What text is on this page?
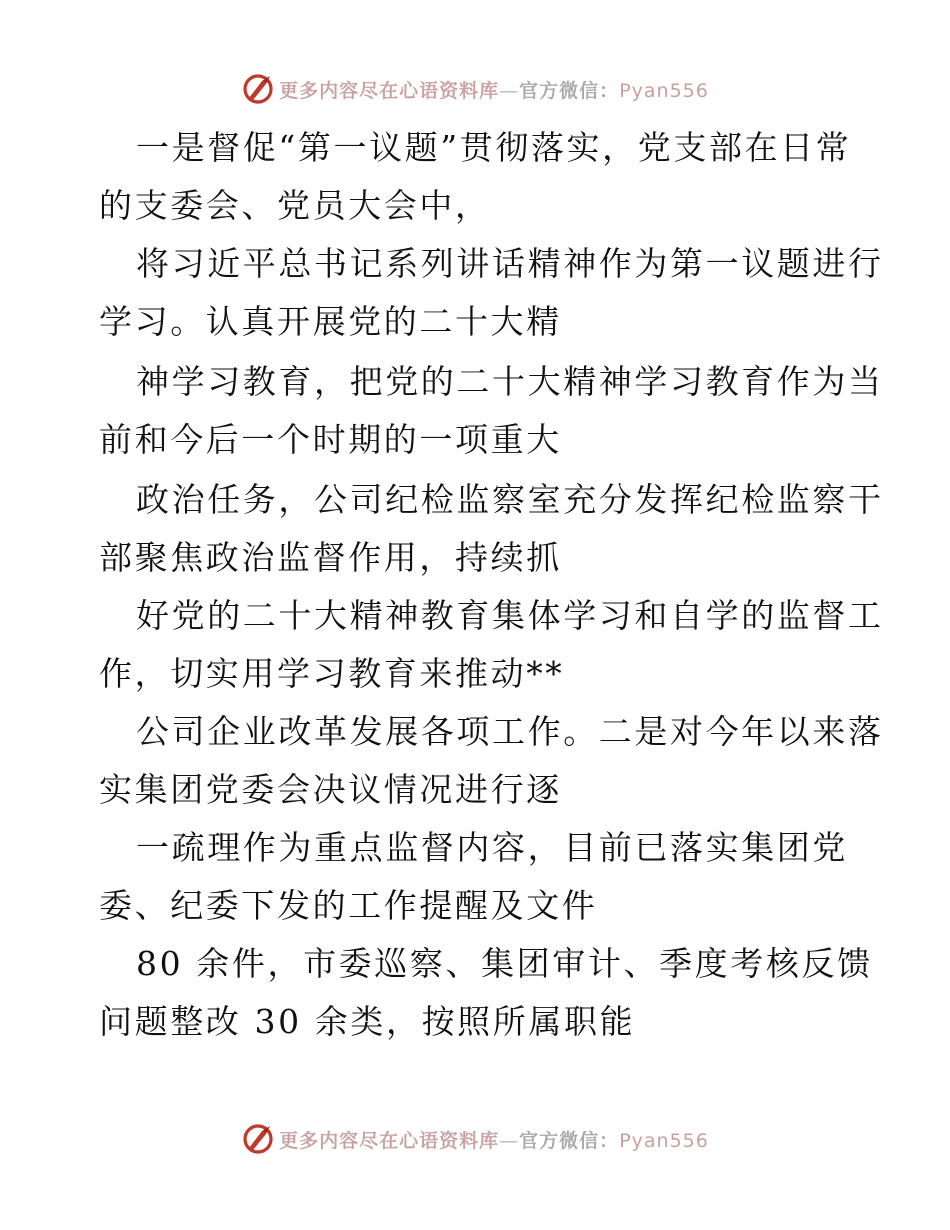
更多内容尽在心语资料库—官方微信：Pyan556
一是督促“第一议题”贯彻落实，党支部在日常
的支委会、党员大会中，
将习近平总书记系列讲话精神作为第一议题进行
学习。认真开展党的二十大精
神学习教育，把党的二十大精神学习教育作为当
前和今后一个时期的一项重大
政治任务，公司纪检监察室充分发挥纪检监察干
部聚焦政治监督作用，持续抓
好党的二十大精神教育集体学习和自学的监督工
作，切实用学习教育来推动**
公司企业改革发展各项工作。二是对今年以来落
实集团党委会决议情况进行逐
一疏理作为重点监督内容，目前已落实集团党
委、纪委下发的工作提醒及文件
80 余件，市委巡察、集团审计、季度考核反馈
问题整改 30 余类，按照所属职能
更多内容尽在心语资料库—官方微信：Pyan556
